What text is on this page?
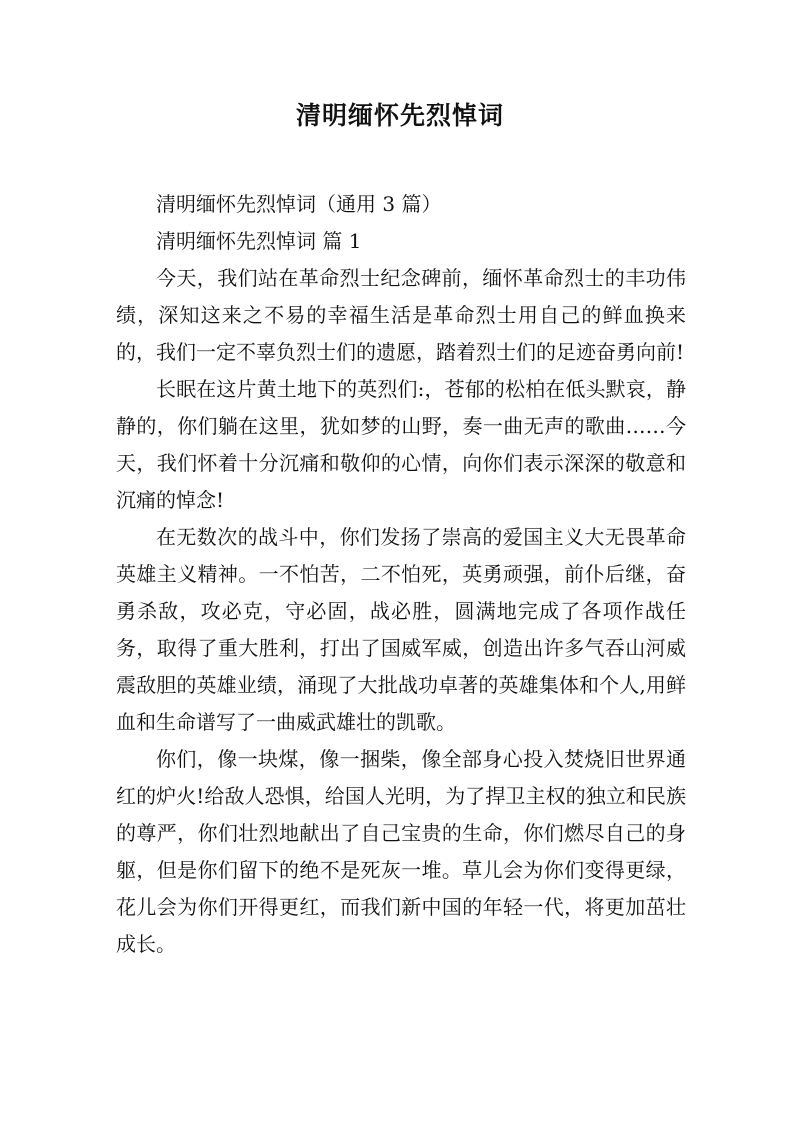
清明缅怀先烈悼词

清明缅怀先烈悼词（通用 3 篇）

清明缅怀先烈悼词 篇 1

今天，我们站在革命烈士纪念碑前，缅怀革命烈士的丰功伟绩，深知这来之不易的幸福生活是革命烈士用自己的鲜血换来的，我们一定不辜负烈士们的遗愿，踏着烈士们的足迹奋勇向前!

长眠在这片黄土地下的英烈们:，苍郁的松柏在低头默哀，静静的，你们躺在这里，犹如梦的山野，奏一曲无声的歌曲……今天，我们怀着十分沉痛和敬仰的心情，向你们表示深深的敬意和沉痛的悼念!

在无数次的战斗中，你们发扬了崇高的爱国主义大无畏革命英雄主义精神。一不怕苦，二不怕死，英勇顽强，前仆后继，奋勇杀敌，攻必克，守必固，战必胜，圆满地完成了各项作战任务，取得了重大胜利，打出了国威军威，创造出许多气吞山河威震敌胆的英雄业绩，涌现了大批战功卓著的英雄集体和个人,用鲜血和生命谱写了一曲威武雄壮的凯歌。

你们，像一块煤，像一捆柴，像全部身心投入焚烧旧世界通红的炉火!给敌人恐惧，给国人光明，为了捍卫主权的独立和民族的尊严，你们壮烈地献出了自己宝贵的生命，你们燃尽自己的身躯，但是你们留下的绝不是死灰一堆。草儿会为你们变得更绿，花儿会为你们开得更红，而我们新中国的年轻一代，将更加茁壮成长。
